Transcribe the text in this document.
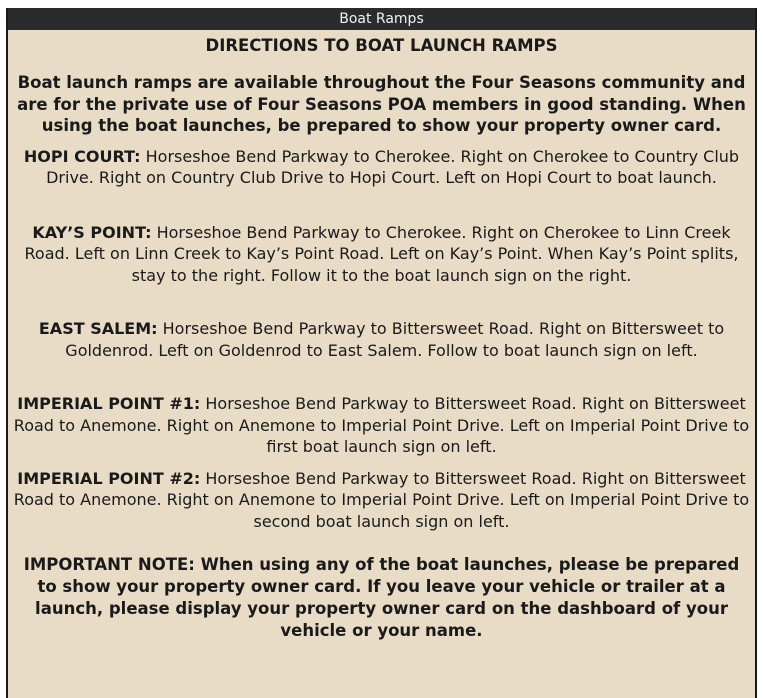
Boat Ramps

DIRECTIONS TO BOAT LAUNCH RAMPS

Boat launch ramps are available throughout the Four Seasons community and are for the private use of Four Seasons POA members in good standing. When using the boat launches, be prepared to show your property owner card.

HOPI COURT: Horseshoe Bend Parkway to Cherokee. Right on Cherokee to Country Club Drive. Right on Country Club Drive to Hopi Court. Left on Hopi Court to boat launch.

KAY’S POINT: Horseshoe Bend Parkway to Cherokee. Right on Cherokee to Linn Creek Road. Left on Linn Creek to Kay’s Point Road. Left on Kay’s Point. When Kay’s Point splits, stay to the right. Follow it to the boat launch sign on the right.

EAST SALEM: Horseshoe Bend Parkway to Bittersweet Road. Right on Bittersweet to Goldenrod. Left on Goldenrod to East Salem. Follow to boat launch sign on left.

IMPERIAL POINT #1: Horseshoe Bend Parkway to Bittersweet Road. Right on Bittersweet Road to Anemone. Right on Anemone to Imperial Point Drive. Left on Imperial Point Drive to first boat launch sign on left.

IMPERIAL POINT #2: Horseshoe Bend Parkway to Bittersweet Road. Right on Bittersweet Road to Anemone. Right on Anemone to Imperial Point Drive. Left on Imperial Point Drive to second boat launch sign on left.

IMPORTANT NOTE: When using any of the boat launches, please be prepared to show your property owner card. If you leave your vehicle or trailer at a launch, please display your property owner card on the dashboard of your vehicle or your name.
